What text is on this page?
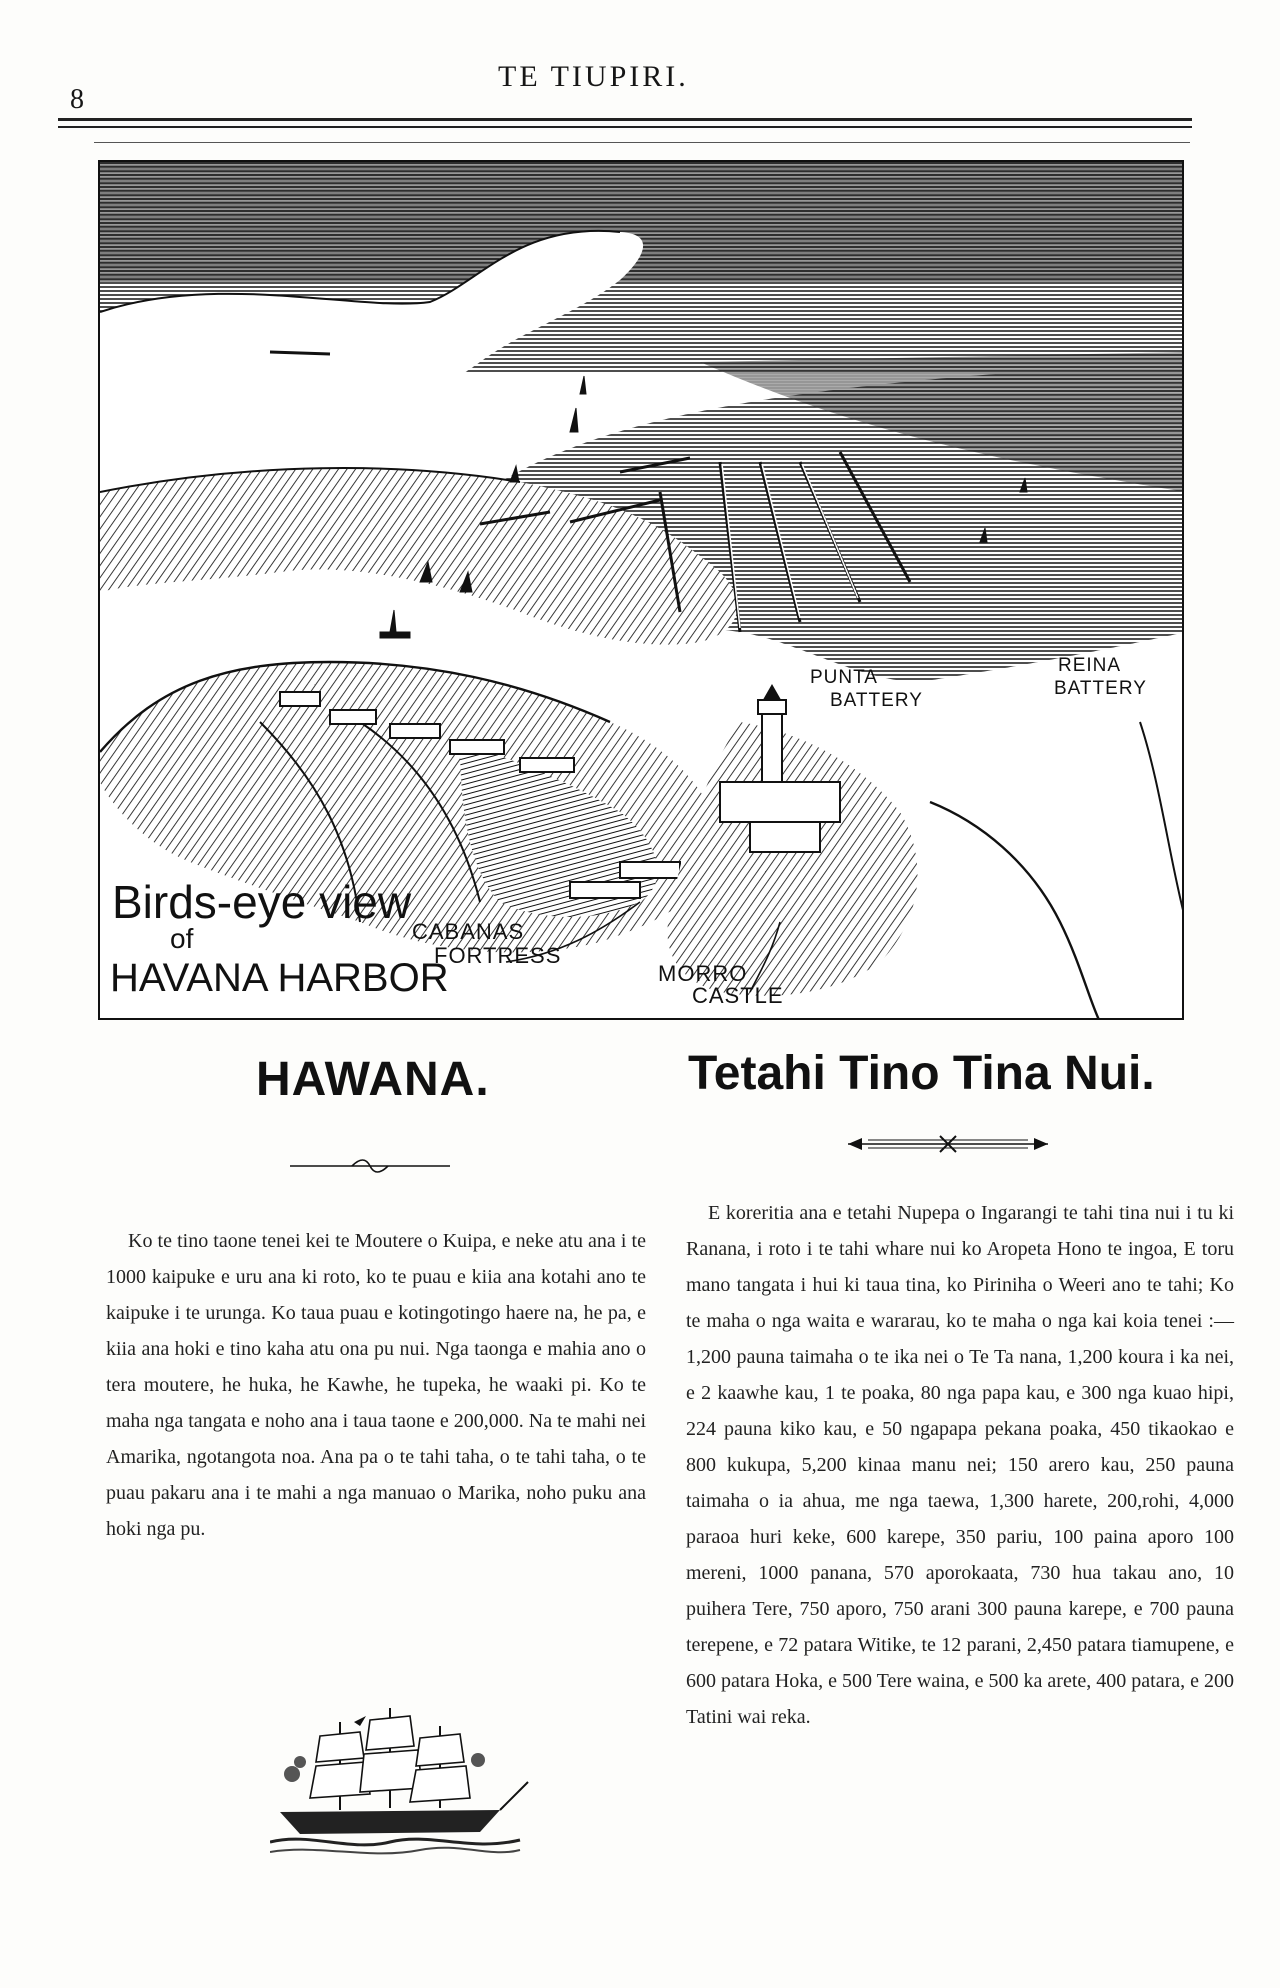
8
TE TIUPIRI.
Birds-eye view
of
HAVANA HARBOR
CABANAS
FORTRESS
MORRO
CASTLE
PUNTA
BATTERY
REINA
BATTERY
HAWANA.	Tetahi Tino Tina Nui.

Ko te tino taone tenei kei te Moutere o Kuipa, e neke atu ana i te 1000 kaipuke e uru ana ki roto, ko te puau e kiia ana kotahi ano te kaipuke i te urunga. Ko taua puau e kotingotingo haere na, he pa, e kiia ana hoki e tino kaha atu ona pu nui. Nga taonga e mahia ano o tera moutere, he huka, he Kawhe, he tupeka, he waaki pi. Ko te maha nga tangata e noho ana i taua taone e 200,000. Na te mahi nei Amarika, ngotangota noa. Ana pa o te tahi taha, o te tahi taha, o te puau pakaru ana i te mahi a nga manuao o Marika, noho puku ana hoki nga pu.

E koreritia ana e tetahi Nupepa o Ingarangi te tahi tina nui i tu ki Ranana, i roto i te tahi whare nui ko Aropeta Hono te ingoa, E toru mano tangata i hui ki taua tina, ko Piriniha o Weeri ano te tahi; Ko te maha o nga waita e wararau, ko te maha o nga kai koia tenei :—1,200 pauna taimaha o te ika nei o Te Ta nana, 1,200 koura i ka nei, e 2 kaawhe kau, 1 te poaka, 80 nga papa kau, e 300 nga kuao hipi, 224 pauna kiko kau, e 50 ngapapa pekana poaka, 450 tikaokao e 800 kukupa, 5,200 kinaa manu nei; 150 arero kau, 250 pauna taimaha o ia ahua, me nga taewa, 1,300 harete, 200,rohi, 4,000 paraoa huri keke, 600 karepe, 350 pariu, 100 paina aporo 100 mereni, 1000 panana, 570 aporokaata, 730 hua takau ano, 10 puihera Tere, 750 aporo, 750 arani 300 pauna karepe, e 700 pauna terepene, e 72 patara Witike, te 12 parani, 2,450 patara tiamupene, e 600 patara Hoka, e 500 Tere waina, e 500 ka arete, 400 patara, e 200 Tatini wai reka.
